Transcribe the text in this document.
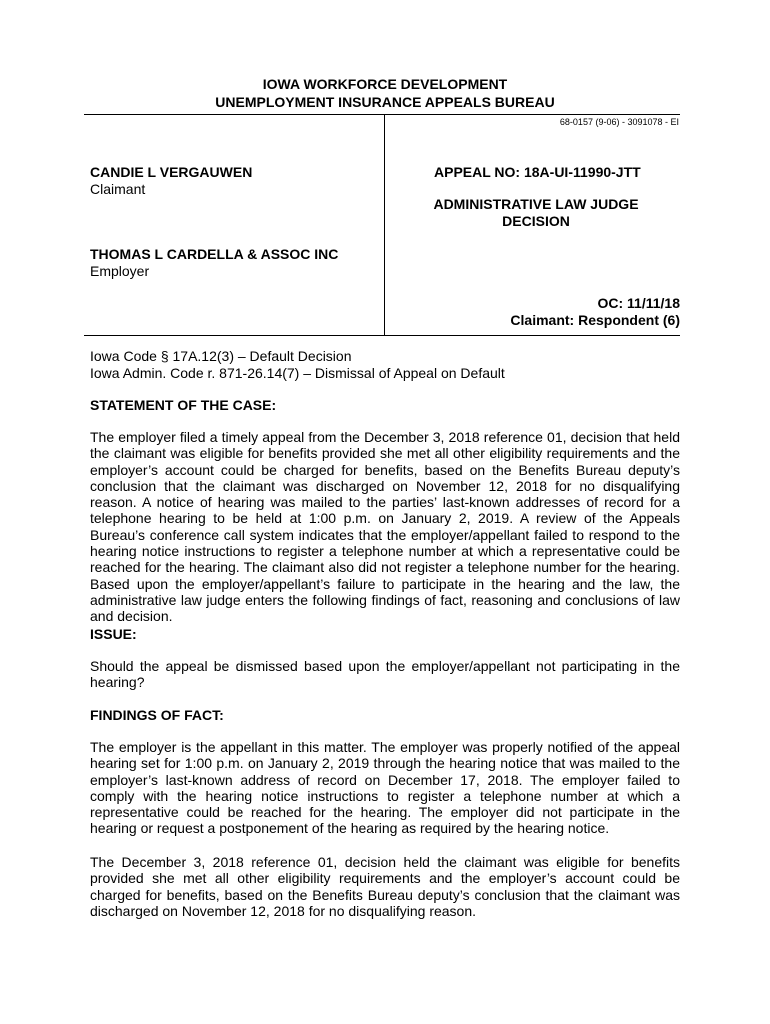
IOWA WORKFORCE DEVELOPMENT
UNEMPLOYMENT INSURANCE APPEALS BUREAU
68-0157 (9-06) - 3091078 - EI
CANDIE L VERGAUWEN
Claimant
THOMAS L CARDELLA & ASSOC INC
Employer
APPEAL NO: 18A-UI-11990-JTT
ADMINISTRATIVE LAW JUDGE
DECISION
OC: 11/11/18
Claimant: Respondent (6)
Iowa Code § 17A.12(3) – Default Decision
Iowa Admin. Code r. 871-26.14(7) – Dismissal of Appeal on Default
STATEMENT OF THE CASE:

The employer filed a timely appeal from the December 3, 2018 reference 01, decision that held the claimant was eligible for benefits provided she met all other eligibility requirements and the employer’s account could be charged for benefits, based on the Benefits Bureau deputy’s conclusion that the claimant was discharged on November 12, 2018 for no disqualifying reason. A notice of hearing was mailed to the parties’ last-known addresses of record for a telephone hearing to be held at 1:00 p.m. on January 2, 2019. A review of the Appeals Bureau’s conference call system indicates that the employer/appellant failed to respond to the hearing notice instructions to register a telephone number at which a representative could be reached for the hearing. The claimant also did not register a telephone number for the hearing. Based upon the employer/appellant’s failure to participate in the hearing and the law, the administrative law judge enters the following findings of fact, reasoning and conclusions of law and decision.

ISSUE:

Should the appeal be dismissed based upon the employer/appellant not participating in the hearing?

FINDINGS OF FACT:

The employer is the appellant in this matter. The employer was properly notified of the appeal hearing set for 1:00 p.m. on January 2, 2019 through the hearing notice that was mailed to the employer’s last-known address of record on December 17, 2018. The employer failed to comply with the hearing notice instructions to register a telephone number at which a representative could be reached for the hearing. The employer did not participate in the hearing or request a postponement of the hearing as required by the hearing notice.

The December 3, 2018 reference 01, decision held the claimant was eligible for benefits provided she met all other eligibility requirements and the employer’s account could be charged for benefits, based on the Benefits Bureau deputy’s conclusion that the claimant was discharged on November 12, 2018 for no disqualifying reason.
